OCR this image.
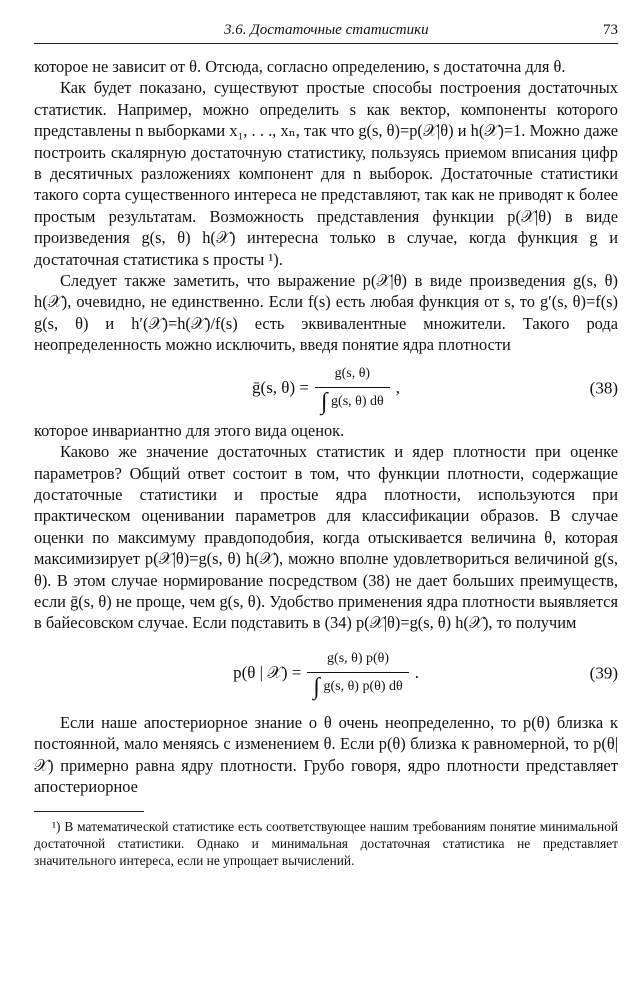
3.6. Достаточные статистики	73

которое не зависит от θ. Отсюда, согласно определению, s достаточна для θ.

Как будет показано, существуют простые способы построения достаточных статистик. Например, можно определить s как вектор, компоненты которого представлены n выборками x₁, . . ., xₙ, так что g(s, θ)=p(𝒳|θ) и h(𝒳)=1. Можно даже построить скалярную достаточную статистику, пользуясь приемом вписания цифр в десятичных разложениях компонент для n выборок. Достаточные статистики такого сорта существенного интереса не представляют, так как не приводят к более простым результатам. Возможность представления функции p(𝒳|θ) в виде произведения g(s, θ) h(𝒳) интересна только в случае, когда функция g и достаточная статистика s просты ¹).

Следует также заметить, что выражение p(𝒳|θ) в виде произведения g(s, θ) h(𝒳), очевидно, не единственно. Если f(s) есть любая функция от s, то g′(s, θ)=f(s) g(s, θ) и h′(𝒳)=h(𝒳)/f(s) есть эквивалентные множители. Такого рода неопределенность можно исключить, введя понятие ядра плотности

ḡ(s, $\theta) = \frac{g(s, \theta)}{\int g(s, \theta) d\theta}$ ,	(38)

которое инвариантно для этого вида оценок.

Каково же значение достаточных статистик и ядер плотности при оценке параметров? Общий ответ состоит в том, что функции плотности, содержащие достаточные статистики и простые ядра плотности, используются при практическом оценивании параметров для классификации образов. В случае оценки по максимуму правдоподобия, когда отыскивается величина θ, которая максимизирует p(𝒳|θ)=g(s, θ) h(𝒳), можно вполне удовлетвориться величиной g(s, θ). В этом случае нормирование посредством (38) не дает больших преимуществ, если ḡ(s, θ) не проще, чем g(s, θ). Удобство применения ядра плотности выявляется в байесовском случае. Если подставить в (34) p(𝒳|θ)=g(s, θ) h(𝒳), то получим

p(θ | 𝒳) = $\frac{g(s, \theta) p(\theta)}{\int g(s, \theta) p(\theta) d\theta}$ .	(39)

Если наше апостериорное знание о θ очень неопределенно, то p(θ) близка к постоянной, мало меняясь с изменением θ. Если p(θ) близка к равномерной, то p(θ|𝒳) примерно равна ядру плотности. Грубо говоря, ядро плотности представляет апостериорное

¹) В математической статистике есть соответствующее нашим требованиям понятие минимальной достаточной статистики. Однако и минимальная достаточная статистика не представляет значительного интереса, если не упрощает вычислений.
